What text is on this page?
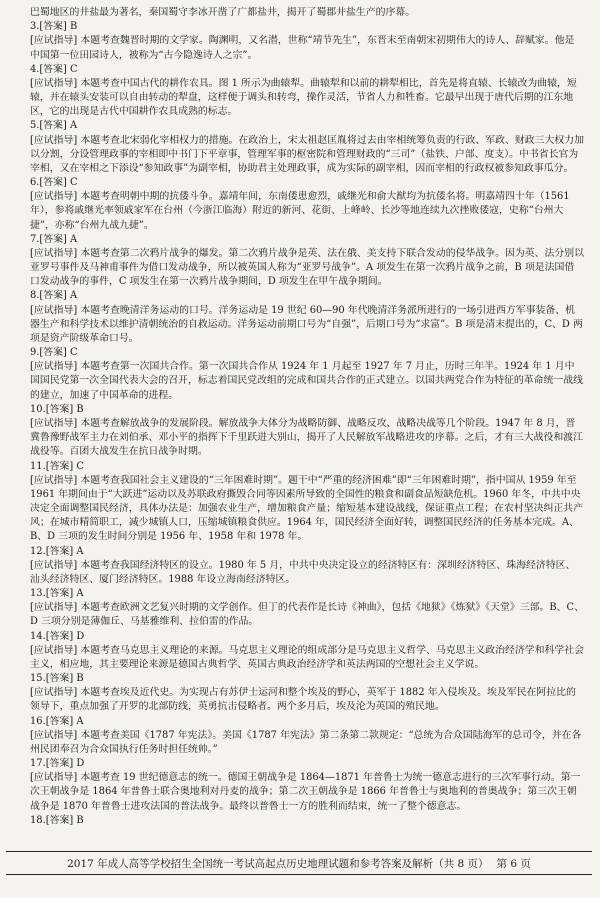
巴蜀地区的井盐最为著名，秦国蜀守李冰开凿了广都盐井，揭开了蜀郡井盐生产的序幕。

3.[答案] B
[应试指导] 本题考查魏晋时期的文学家。陶渊明，又名潜，世称“靖节先生”，东晋末至南朝宋初期伟大的诗人、辞赋家。他是中国第一位田园诗人，被称为“古今隐逸诗人之宗”。
4.[答案] C
[应试指导] 本题考查中国古代的耕作农具。图 1 所示为曲辕犁。曲辕犁和以前的耕犁相比，首先是将直辕、长辕改为曲辕，短辕，并在辕头安装可以自由转动的犁盘，这样便于调头和转弯，操作灵活，节省人力和牲畜。它最早出现于唐代后期的江东地区，它的出现是古代中国耕作农具成熟的标志。
5.[答案] A
[应试指导] 本题考查北宋弱化宰相权力的措施。在政治上，宋太祖赵匡胤将过去由宰相统筹负责的行政、军政、财政三大权力加以分割，分设管理政事的宰相即中书门下平章事，管理军事的枢密院和管理财政的“三司”（盐铁、户部、度支）。中书省长官为宰相，又在宰相之下添设“参知政事”为副宰相，协助君主处理政事，成为实际的副宰相，因而宰相的行政权被参知政事瓜分。
6.[答案] C
[应试指导] 本题考查明朝中期的抗倭斗争。嘉靖年间，东南倭患愈烈，戚继光和俞大猷均为抗倭名将。明嘉靖四十年（1561 年），参将戚继光率领戚家军在台州（今浙江临海）附近的新河、花街、上峰岭、长沙等地连续九次挫败倭寇，史称“台州大捷”，亦称“台州九战九捷”。
7.[答案] A
[应试指导] 本题考查第二次鸦片战争的爆发。第二次鸦片战争是英、法在俄、美支持下联合发动的侵华战争。因为英、法分别以亚罗号事件及马神甫事件为借口发动战争，所以被英国人称为“亚罗号战争”。A 项发生在第一次鸦片战争之前，B 项是法国借口发动战争的事件，C 项发生在第一次鸦片战争期间，D 项发生在甲午战争期间。
8.[答案] A
[应试指导] 本题考查晚清洋务运动的口号。洋务运动是 19 世纪 60—90 年代晚清洋务派所进行的一场引进西方军事装备、机器生产和科学技术以维护清朝统治的自救运动。洋务运动前期口号为“自强”，后期口号为“求富”。B 项是清末提出的，C、D 两项是资产阶级革命口号。
9.[答案] C
[应试指导] 本题考查第一次国共合作。第一次国共合作从 1924 年 1 月起至 1927 年 7 月止，历时三年半。1924 年 1 月中国国民党第一次全国代表大会的召开，标志着国民党改组的完成和国共合作的正式建立。以国共两党合作为特征的革命统一战线的建立，加速了中国革命的进程。
10.[答案] B
[应试指导] 本题考查解放战争的发展阶段。解放战争大体分为战略防御、战略反攻、战略决战等几个阶段。1947 年 8 月，晋冀鲁豫野战军主力在刘伯承、邓小平的指挥下千里跃进大别山，揭开了人民解放军战略进攻的序幕。之后，才有三大战役和渡江战役等。百团大战发生在抗日战争时期。
11.[答案] C
[应试指导] 本题考查我国社会主义建设的“三年困难时期”。题干中“严重的经济困难”即“三年困难时期”，指中国从 1959 年至 1961 年期间由于“大跃进”运动以及苏联政府撕毁合同等因素所导致的全国性的粮食和副食品短缺危机。1960 年冬，中共中央决定全面调整国民经济，具体办法是：加强农业生产，增加粮食产量；缩短基本建设战线，保证重点工程；在农村坚决纠正共产风；在城市精简职工，减少城镇人口，压缩城镇粮食供应。1964 年，国民经济全面好转，调整国民经济的任务基本完成。A、B、D 三项的发生时间分别是 1956 年、1958 年和 1978 年。
12.[答案] A
[应试指导] 本题考查我国经济特区的设立。1980 年 5 月，中共中央决定设立的经济特区有：深圳经济特区、珠海经济特区、汕头经济特区、厦门经济特区。1988 年设立海南经济特区。
13.[答案] A
[应试指导] 本题考查欧洲文艺复兴时期的文学创作。但丁的代表作是长诗《神曲》，包括《地狱》《炼狱》《天堂》三部。B、C、D 三项分别是薄伽丘、马基雅维利、拉伯雷的作品。
14.[答案] D
[应试指导] 本题考查马克思主义理论的来源。马克思主义理论的组成部分是马克思主义哲学、马克思主义政治经济学和科学社会主义，相应地，其主要理论来源是德国古典哲学、英国古典政治经济学和英法两国的空想社会主义学说。
15.[答案] B
[应试指导] 本题考查埃及近代史。为实现占有苏伊士运河和整个埃及的野心，英军于 1882 年入侵埃及。埃及军民在阿拉比的领导下，重点加强了开罗的北部防线，英勇抗击侵略者。两个多月后，埃及沦为英国的殖民地。
16.[答案] A
[应试指导] 本题考查美国《1787 年宪法》。美国《1787 年宪法》第二条第二款规定：“总统为合众国陆海军的总司令，并在各州民团奉召为合众国执行任务时担任统帅。”
17.[答案] D
[应试指导] 本题考查 19 世纪德意志的统一。德国王朝战争是 1864—1871 年普鲁士为统一德意志进行的三次军事行动。第一次王朝战争是 1864 年普鲁士联合奥地利对丹麦的战争；第二次王朝战争是 1866 年普鲁士与奥地利的普奥战争；第三次王朝战争是 1870 年普鲁士进攻法国的普法战争。最终以普鲁士一方的胜利而结束，统一了整个德意志。
18.[答案] B
2017 年成人高等学校招生全国统一考试高起点历史地理试题和参考答案及解析（共 8 页） 第 6 页
